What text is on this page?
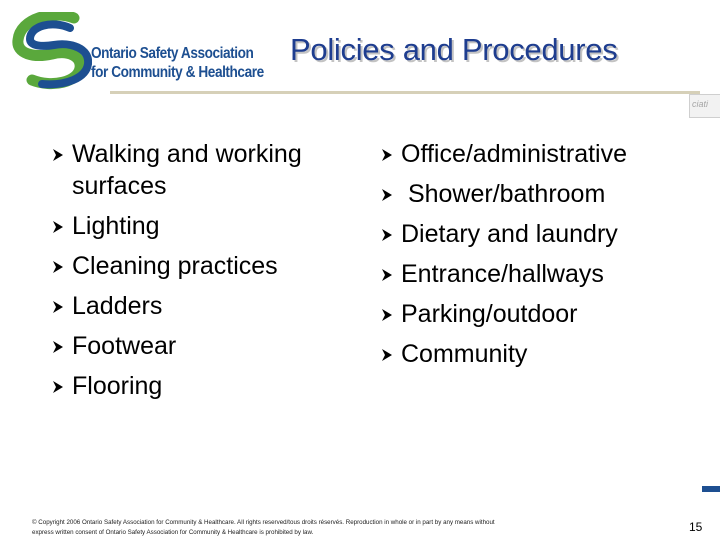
Ontario Safety Association
for Community & Healthcare
Policies and Procedures
ciati
Walking and working surfaces
Lighting
Cleaning practices
Ladders
Footwear
Flooring
Office/administrative
Shower/bathroom
Dietary and laundry
Entrance/hallways
Parking/outdoor
Community
© Copyright 2006 Ontario Safety Association for Community & Healthcare. All rights reserved/tous droits réservés. Reproduction in whole or in part by any means without
express written consent of Ontario Safety Association for Community & Healthcare is prohibited by law.	15
